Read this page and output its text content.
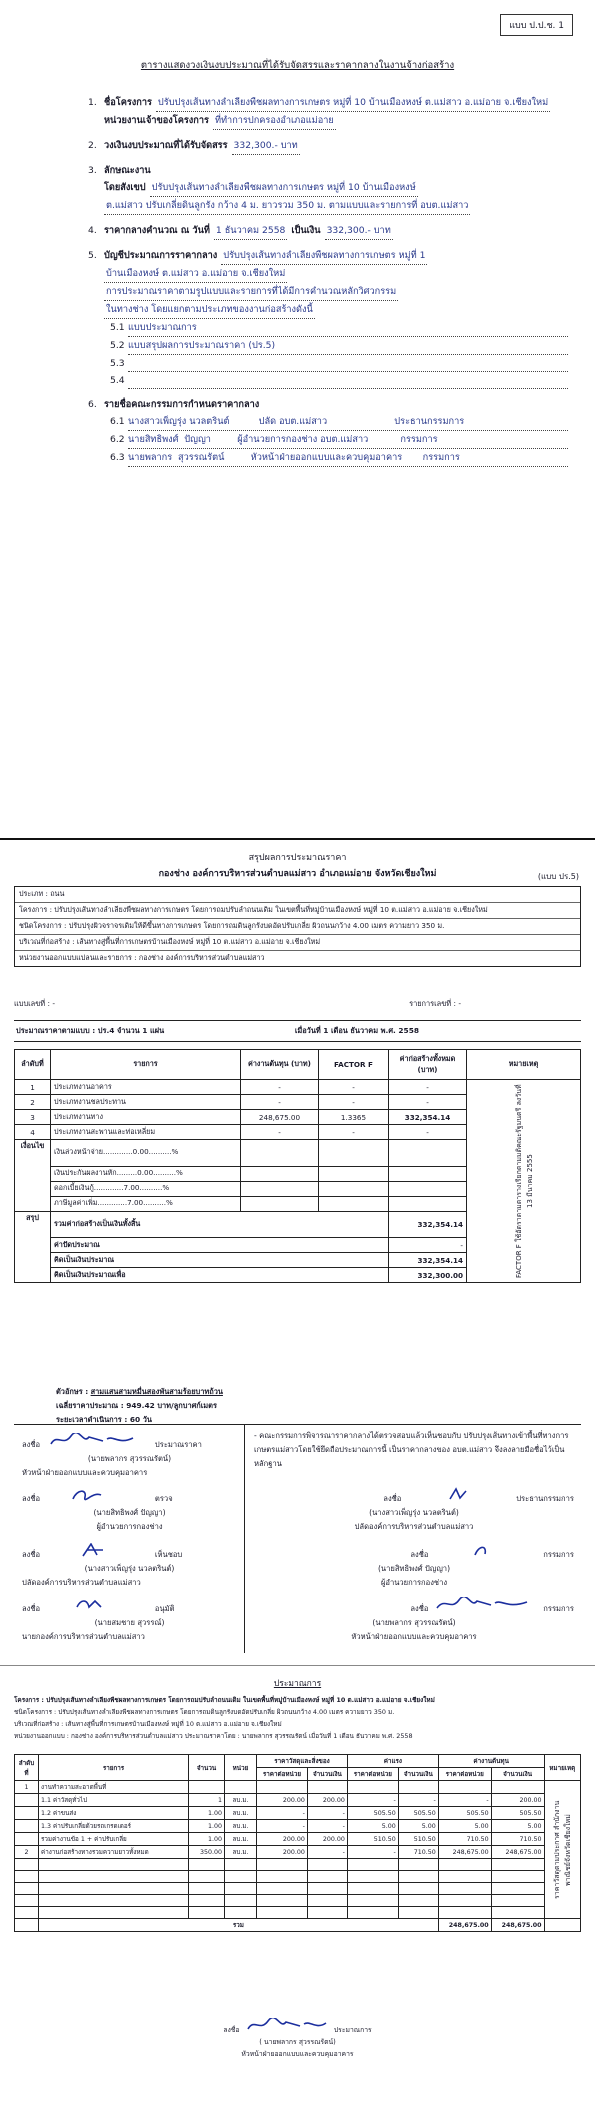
แบบ ป.ป.ช. 1
ตารางแสดงวงเงินงบประมาณที่ได้รับจัดสรรและราคากลางในงานจ้างก่อสร้าง
1. ชื่อโครงการ ปรับปรุงเส้นทางลำเลียงพืชผลทางการเกษตร หมู่ที่ 10 บ้านเมืองหงษ์ ต.แม่สาว อ.แม่อาย จ.เชียงใหม่
หน่วยงานเจ้าของโครงการ ที่ทำการปกครองอำเภอแม่อาย
2. วงเงินงบประมาณที่ได้รับจัดสรร 332,300.- บาท
3. ลักษณะงาน
โดยสังเขป ปรับปรุงเส้นทางลำเลียงพืชผลทางการเกษตร หมู่ที่ 10 บ้านเมืองหงษ์
ต.แม่สาว ปรับเกลี่ยดินลูกรัง กว้าง 4 ม. ยาวรวม 350 ม. ตามแบบและรายการที่ อบต.แม่สาว
4. ราคากลางคำนวณ ณ วันที่ 1 ธันวาคม 2558 เป็นเงิน 332,300.- บาท
5. บัญชีประมาณการราคากลาง ปรับปรุงเส้นทางลำเลียงพืชผลทางการเกษตร หมู่ที่ 1
บ้านเมืองหงษ์ ต.แม่สาว อ.แม่อาย จ.เชียงใหม่
การประมาณราคาตามรูปแบบและรายการที่ได้มีการคำนวณหลักวิศวกรรม
ในทางช่าง โดยแยกตามประเภทของงานก่อสร้างดังนี้
5.1 แบบประมาณการ
5.2 แบบสรุปผลการประมาณราคา (ปร.5)
5.3
5.4
6. รายชื่อคณะกรรมการกำหนดราคากลาง
6.1 นางสาวเพ็ญรุ่ง นวลตรินต์          ปลัด อบต.แม่สาว                       ประธานกรรมการ
6.2 นายสิทธิพงศ์  ปัญญา         ผู้อำนวยการกองช่าง อบต.แม่สาว           กรรมการ
6.3 นายพลากร  สุวรรณรัตน์         หัวหน้าฝ่ายออกแบบและควบคุมอาคาร       กรรมการ
สรุปผลการประมาณราคา
กองช่าง องค์การบริหารส่วนตำบลแม่สาว อำเภอแม่อาย จังหวัดเชียงใหม่	(แบบ ปร.5)
ประเภท : ถนน
โครงการ : ปรับปรุงเส้นทางลำเลียงพืชผลทางการเกษตร โดยการถมปรับลำถนนเดิม ในเขตพื้นที่หมู่บ้านเมืองหงษ์ หมู่ที่ 10 ต.แม่สาว อ.แม่อาย จ.เชียงใหม่
ชนิดโครงการ : ปรับปรุงผิวจราจรเดิมให้ดีขึ้นทางการเกษตร โดยการถมดินลูกรังบดอัดปรับเกลี่ย ผิวถนนกว้าง 4.00 เมตร ความยาว 350 ม.
บริเวณที่ก่อสร้าง : เส้นทางสู่พื้นที่การเกษตรบ้านเมืองหงษ์ หมู่ที่ 10 ต.แม่สาว อ.แม่อาย จ.เชียงใหม่
หน่วยงานออกแบบแปลนและรายการ : กองช่าง องค์การบริหารส่วนตำบลแม่สาว
แบบเลขที่ : -	รายการเลขที่ : -
ประมาณราคาตามแบบ : ปร.4 จำนวน 1 แผ่น	เมื่อวันที่ 1 เดือน ธันวาคม พ.ศ. 2558
ลำดับที่	รายการ	ค่างานต้นทุน (บาท)	FACTOR F	ค่าก่อสร้างทั้งหมด (บาท)	หมายเหตุ
1	ประเภทงานอาคาร	-	-	-	FACTOR F ใช้อัตราตามตารางเรียกตามมติคณะรัฐมนตรี ลงวันที่ 13 มีนาคม 2555

2	ประเภทงานชลประทาน	-	-	-	
3	ประเภทงานทาง	248,675.00	1.3365	332,354.14	
4	ประเภทงานสะพานและท่อเหลี่ยม	-	-	-	
เงื่อนไข	เงินล่วงหน้าจ่าย.............0.00..........%				
	เงินประกันผลงานหัก.........0.00..........%				
	ดอกเบี้ยเงินกู้.............7.00..........%				
	ภาษีมูลค่าเพิ่ม.............7.00..........%				
สรุป	รวมค่าก่อสร้างเป็นเงินทั้งสิ้น			332,354.14	
	ค่าปัดประมาณ			-	
	คิดเป็นเงินประมาณ			332,354.14	
	คิดเป็นเงินประมาณเพื่อ			332,300.00	
ตัวอักษร : สามแสนสามหมื่นสองพันสามร้อยบาทถ้วน
เฉลี่ยราคาประมาณ : 949.42 บาท/ลูกบาศก์เมตร
ระยะเวลาดำเนินการ : 60 วัน
ลงชื่อ	ประมาณราคา
(นายพลากร สุวรรณรัตน์)
หัวหน้าฝ่ายออกแบบและควบคุมอาคาร
ลงชื่อ	ตรวจ
(นายสิทธิพงศ์ ปัญญา)
ผู้อำนวยการกองช่าง
ลงชื่อ	เห็นชอบ
(นางสาวเพ็ญรุ่ง นวลตรินต์)
ปลัดองค์การบริหารส่วนตำบลแม่สาว
ลงชื่อ	อนุมัติ
(นายสมชาย สุวรรณ์)
นายกองค์การบริหารส่วนตำบลแม่สาว
- คณะกรรมการพิจารณาราคากลางได้ตรวจสอบแล้วเห็นชอบกับ ปรับปรุงเส้นทางเข้าพื้นที่ทางการเกษตรแม่สาวโดยใช้ยึดถือประมาณการนี้ เป็นราคากลางของ อบต.แม่สาว จึงลงลายมือชื่อไว้เป็นหลักฐาน
ลงชื่อ	ประธานกรรมการ
(นางสาวเพ็ญรุ่ง นวลตรินต์)
ปลัดองค์การบริหารส่วนตำบลแม่สาว
ลงชื่อ	กรรมการ
(นายสิทธิพงศ์ ปัญญา)
ผู้อำนวยการกองช่าง
ลงชื่อ	กรรมการ
(นายพลากร สุวรรณรัตน์)
หัวหน้าฝ่ายออกแบบและควบคุมอาคาร
ประมาณการ
โครงการ : ปรับปรุงเส้นทางลำเลียงพืชผลทางการเกษตร โดยการถมปรับลำถนนเดิม ในเขตพื้นที่หมู่บ้านเมืองหงษ์ หมู่ที่ 10 ต.แม่สาว อ.แม่อาย จ.เชียงใหม่
ชนิดโครงการ : ปรับปรุงเส้นทางลำเลียงพืชผลทางการเกษตร โดยการถมดินลูกรังบดอัดปรับเกลี่ย ผิวถนนกว้าง 4.00 เมตร ความยาว 350 ม.
บริเวณที่ก่อสร้าง : เส้นทางสู่พื้นที่การเกษตรบ้านเมืองหงษ์ หมู่ที่ 10 ต.แม่สาว อ.แม่อาย จ.เชียงใหม่
หน่วยงานออกแบบ : กองช่าง องค์การบริหารส่วนตำบลแม่สาว ประมาณราคาโดย : นายพลากร สุวรรณรัตน์ เมื่อวันที่ 1 เดือน ธันวาคม พ.ศ. 2558
ลำดับที่	รายการ	จำนวน	หน่วย	ราคาวัสดุและสิ่งของ		ค่าแรง		ค่างานต้นทุน		หมายเหตุ
				ราคาต่อหน่วย	จำนวนเงิน	ราคาต่อหน่วย	จำนวนเงิน	ราคาต่อหน่วย	จำนวนเงิน	
1	งานทำความสะอาดพื้นที่									ราคาวัสดุตามประกาศ สำนักงานพาณิชย์จังหวัดเชียงใหม่

	1.1 ค่าวัสดุทั่วไป	1	ลบ.ม.	200.00	200.00	-	-	-	200.00	
	1.2 ค่าขนส่ง	1.00	ลบ.ม.	-	-	505.50	505.50	505.50	505.50	
	1.3 ค่าปรับเกลี่ยด้วยรถเกรดเดอร์	1.00	ลบ.ม.	-	-	5.00	5.00	5.00	5.00	
	รวมค่างานข้อ 1 + ค่าปรับเกลี่ย	1.00	ลบ.ม.	200.00	200.00	510.50	510.50	710.50	710.50	
2	ค่างานก่อสร้างทางรวมความยาวทั้งหมด	350.00	ลบ.ม.	200.00	-	-	710.50	248,675.00	248,675.00	

	รวม							248,675.00	248,675.00	
ลงชื่อ	ประมาณการ
( นายพลากร สุวรรณรัตน์)
หัวหน้าฝ่ายออกแบบและควบคุมอาคาร
